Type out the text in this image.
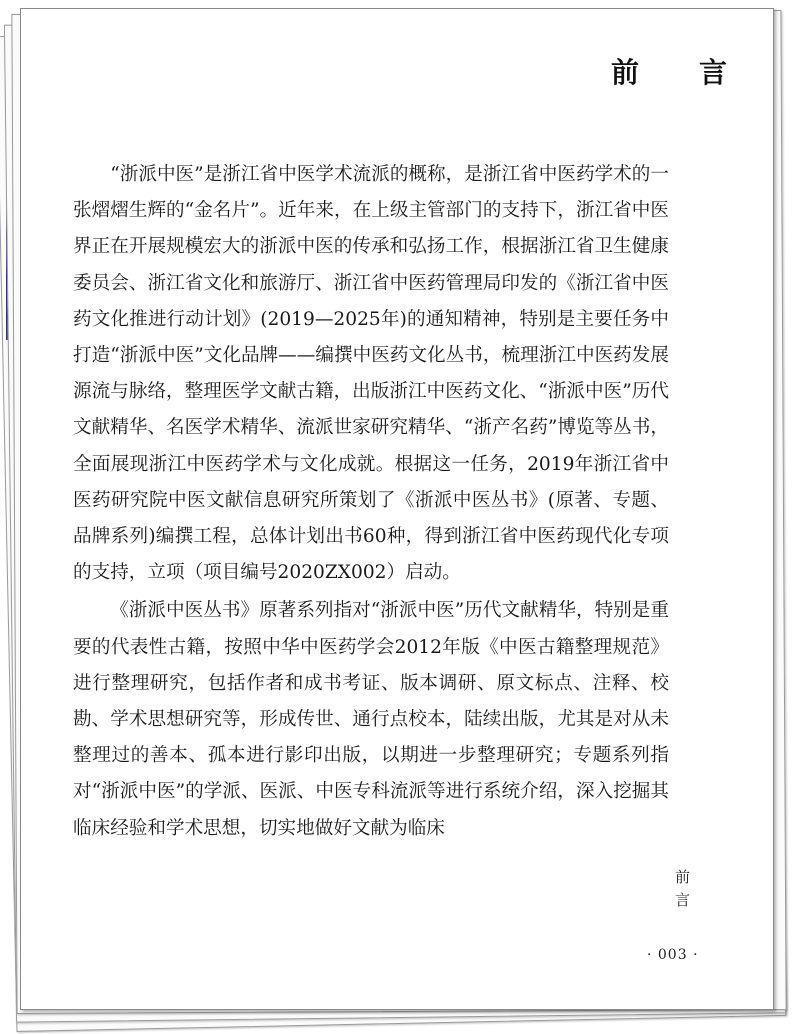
前　言

“浙派中医”是浙江省中医学术流派的概称，是浙江省中医药学术的一张熠熠生辉的“金名片”。近年来，在上级主管部门的支持下，浙江省中医界正在开展规模宏大的浙派中医的传承和弘扬工作，根据浙江省卫生健康委员会、浙江省文化和旅游厅、浙江省中医药管理局印发的《浙江省中医药文化推进行动计划》(2019—2025年)的通知精神，特别是主要任务中打造“浙派中医”文化品牌——编撰中医药文化丛书，梳理浙江中医药发展源流与脉络，整理医学文献古籍，出版浙江中医药文化、“浙派中医”历代文献精华、名医学术精华、流派世家研究精华、“浙产名药”博览等丛书，全面展现浙江中医药学术与文化成就。根据这一任务，2019年浙江省中医药研究院中医文献信息研究所策划了《浙派中医丛书》(原著、专题、品牌系列)编撰工程，总体计划出书60种，得到浙江省中医药现代化专项的支持，立项（项目编号2020ZX002）启动。

《浙派中医丛书》原著系列指对“浙派中医”历代文献精华，特别是重要的代表性古籍，按照中华中医药学会2012年版《中医古籍整理规范》进行整理研究，包括作者和成书考证、版本调研、原文标点、注释、校勘、学术思想研究等，形成传世、通行点校本，陆续出版，尤其是对从未整理过的善本、孤本进行影印出版，以期进一步整理研究；专题系列指对“浙派中医”的学派、医派、中医专科流派等进行系统介绍，深入挖掘其临床经验和学术思想，切实地做好文献为临床

前言
· 003 ·
